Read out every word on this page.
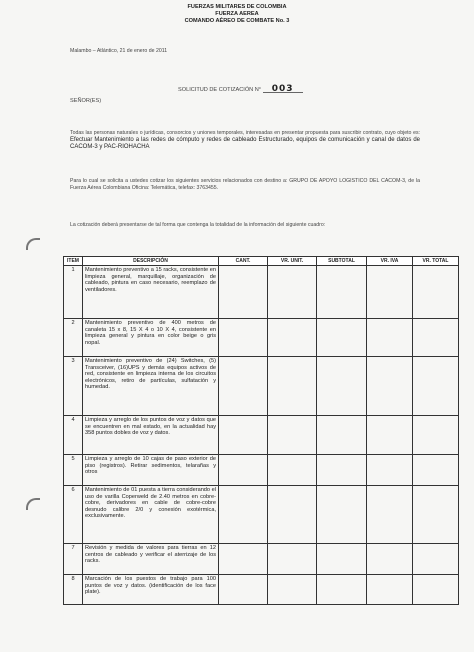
FUERZAS MILITARES DE COLOMBIA
FUERZA AEREA
COMANDO AÉREO DE COMBATE No. 3
Malambo – Atlántico, 21 de enero de 2011
SOLICITUD DE COTIZACIÓN N° 003
SEÑOR(ES)
Todas las personas naturales o jurídicas, consorcios y uniones temporales, interesadas en presentar propuesta para suscribir contrato, cuyo objeto es: Efectuar Mantenimiento a las redes de cómputo y redes de cableado Estructurado, equipos de comunicación y canal de datos de CACOM-3 y PAC-RIOHACHA
Para lo cual se solicita a ustedes cotizar los siguientes servicios relacionados con destino a: GRUPO DE APOYO LOGISTICO DEL CACOM-3, de la Fuerza Aérea Colombiana Oficina: Telemática, telefax: 3763455.
La cotización deberá presentarse de tal forma que contenga la totalidad de la información del siguiente cuadro:
ITEM	DESCRIPCIÓN	CANT.	VR. UNIT.	SUBTOTAL	VR. IVA	VR. TOTAL
1	Mantenimiento preventivo a 15 racks, consistente en limpieza general, marquillaje, organización de cableado, pintura en caso necesario, reemplazo de ventiladores.					
2	Mantenimiento preventivo de 400 metros de canaleta 15 x 8, 15 X 4 o 10 X 4, consistente en limpieza general y pintura en color beige o gris nopal.					
3	Mantenimiento preventivo de (24) Switches, (5) Transceiver, (16)UPS y demás equipos activos de red, consistente en limpieza interna de los circuitos electrónicos, retiro de partículas, sulfatación y humedad.					
4	Limpieza y arreglo de los puntos de voz y datos que se encuentren en mal estado, en la actualidad hay 358 puntos dobles de voz y datos.					
5	Limpieza y arreglo de 10 cajas de paso exterior de piso (registros). Retirar sedimentos, telarañas y otros					
6	Mantenimiento de 01 puesta a tierra considerando el uso de varilla Coperweld de 2.40 metros en cobre-cobre, derivadores en cable de cobre-cobre desnudo calibre 2/0 y conexión exotérmica, exclusivamente.					
7	Revisión y medida de valores para tierras en 12 centros de cableado y verificar el aterrizaje de los racks.					
8	Marcación de los puestos de trabajo para 100 puntos de voz y datos. (identificación de los face plate).					
